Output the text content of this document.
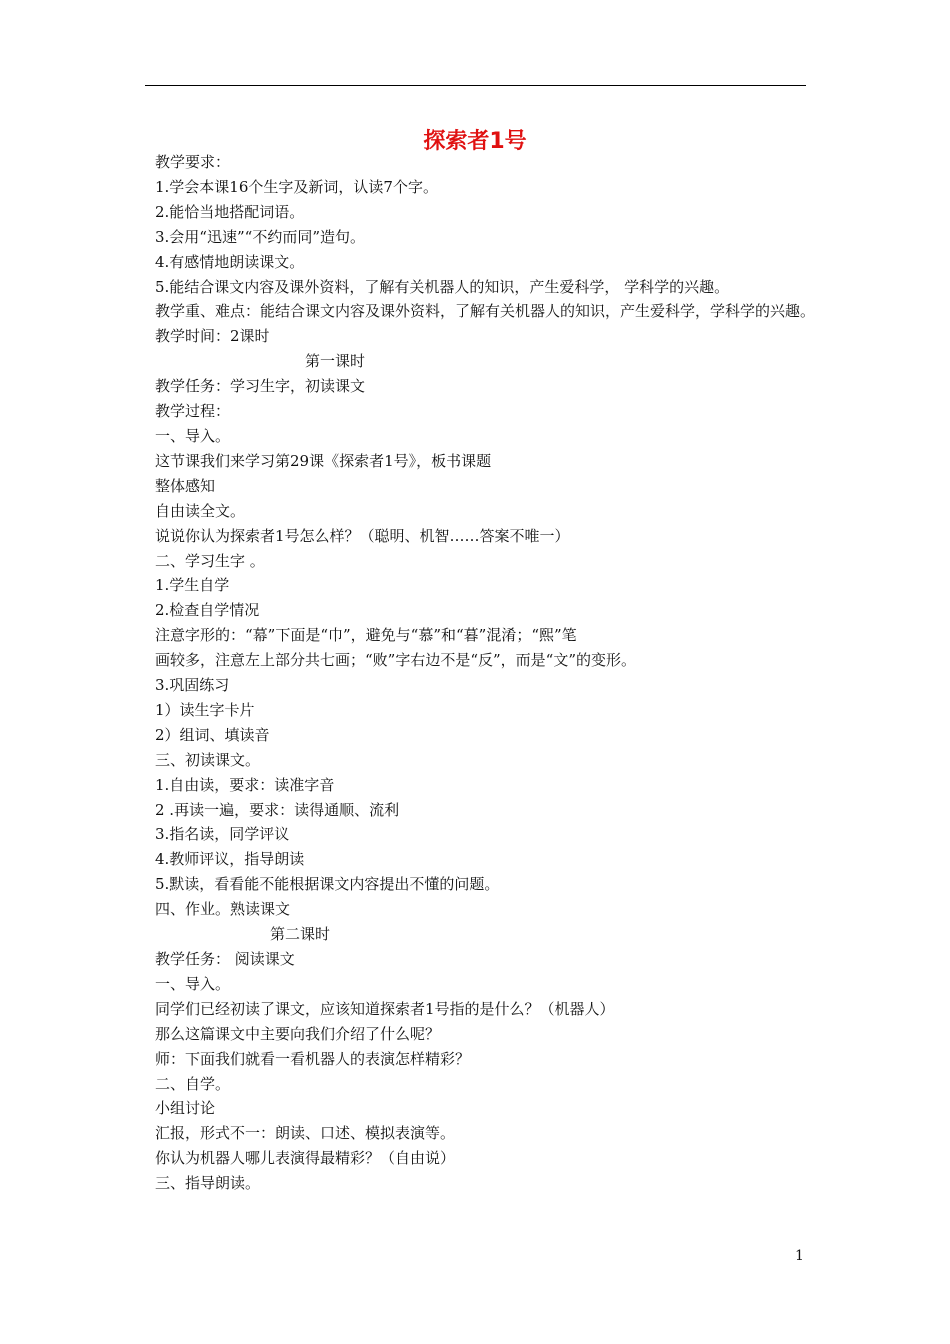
探索者1号
教学要求：
1.学会本课16个生字及新词，认读7个字。
2.能恰当地搭配词语。
3.会用“迅速”“不约而同”造句。
4.有感情地朗读课文。
5.能结合课文内容及课外资料，了解有关机器人的知识，产生爱科学， 学科学的兴趣。
教学重、难点：能结合课文内容及课外资料，了解有关机器人的知识，产生爱科学，学科学的兴趣。
教学时间：2课时
第一课时
教学任务：学习生字，初读课文
教学过程：
一、导入。
这节课我们来学习第29课《探索者1号》，板书课题
整体感知
自由读全文。
说说你认为探索者1号怎么样？（聪明、机智……答案不唯一）
二、学习生字 。
1.学生自学
2.检查自学情况
注意字形的：“幕”下面是“巾”，避免与“慕”和“暮”混淆；“熙”笔
画较多，注意左上部分共七画；“败”字右边不是“反”，而是“文”的变形。
3.巩固练习
1）读生字卡片
2）组词、填读音
三、初读课文。
1.自由读，要求：读准字音
2 .再读一遍，要求：读得通顺、流利
3.指名读，同学评议
4.教师评议，指导朗读
5.默读，看看能不能根据课文内容提出不懂的问题。
四、作业。熟读课文
第二课时
教学任务： 阅读课文
一、导入。
同学们已经初读了课文，应该知道探索者1号指的是什么？（机器人）
那么这篇课文中主要向我们介绍了什么呢？
师：下面我们就看一看机器人的表演怎样精彩？
二、自学。
小组讨论
汇报，形式不一：朗读、口述、模拟表演等。
你认为机器人哪儿表演得最精彩？（自由说）
三、指导朗读。
1
